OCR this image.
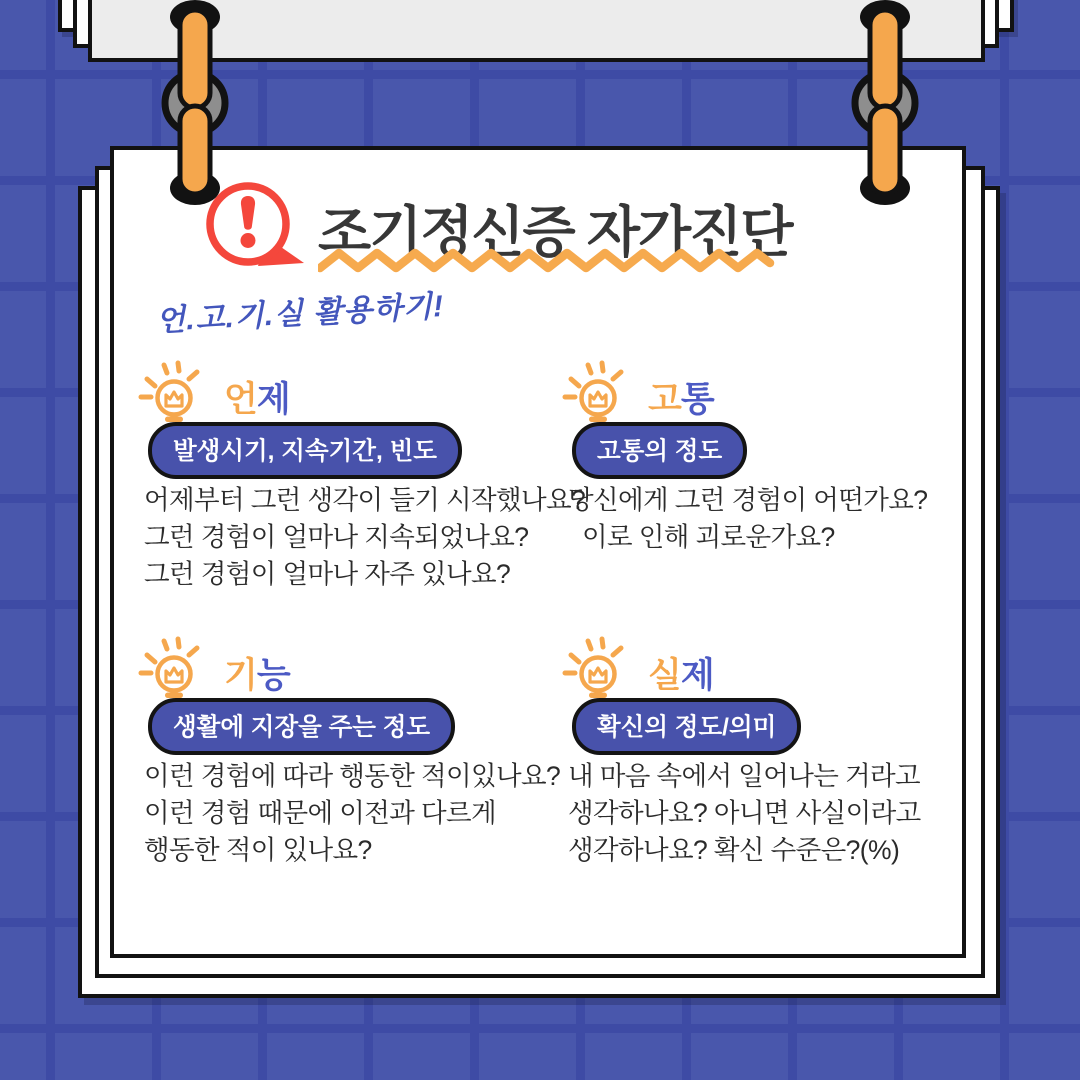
조기정신증 자가진단
언.고.기.실 활용하기!
언제
발생시기, 지속기간, 빈도
어제부터 그런 생각이 들기 시작했나요?
그런 경험이 얼마나 지속되었나요?
그런 경험이 얼마나 자주 있나요?
고통
고통의 정도
당신에게 그런 경험이 어떤가요?
이로 인해 괴로운가요?
기능
생활에 지장을 주는 정도
이런 경험에 따라 행동한 적이있나요?
이런 경험 때문에 이전과 다르게
행동한 적이 있나요?
실제
확신의 정도/의미
내 마음 속에서 일어나는 거라고
생각하나요? 아니면 사실이라고
생각하나요? 확신 수준은?(%)
